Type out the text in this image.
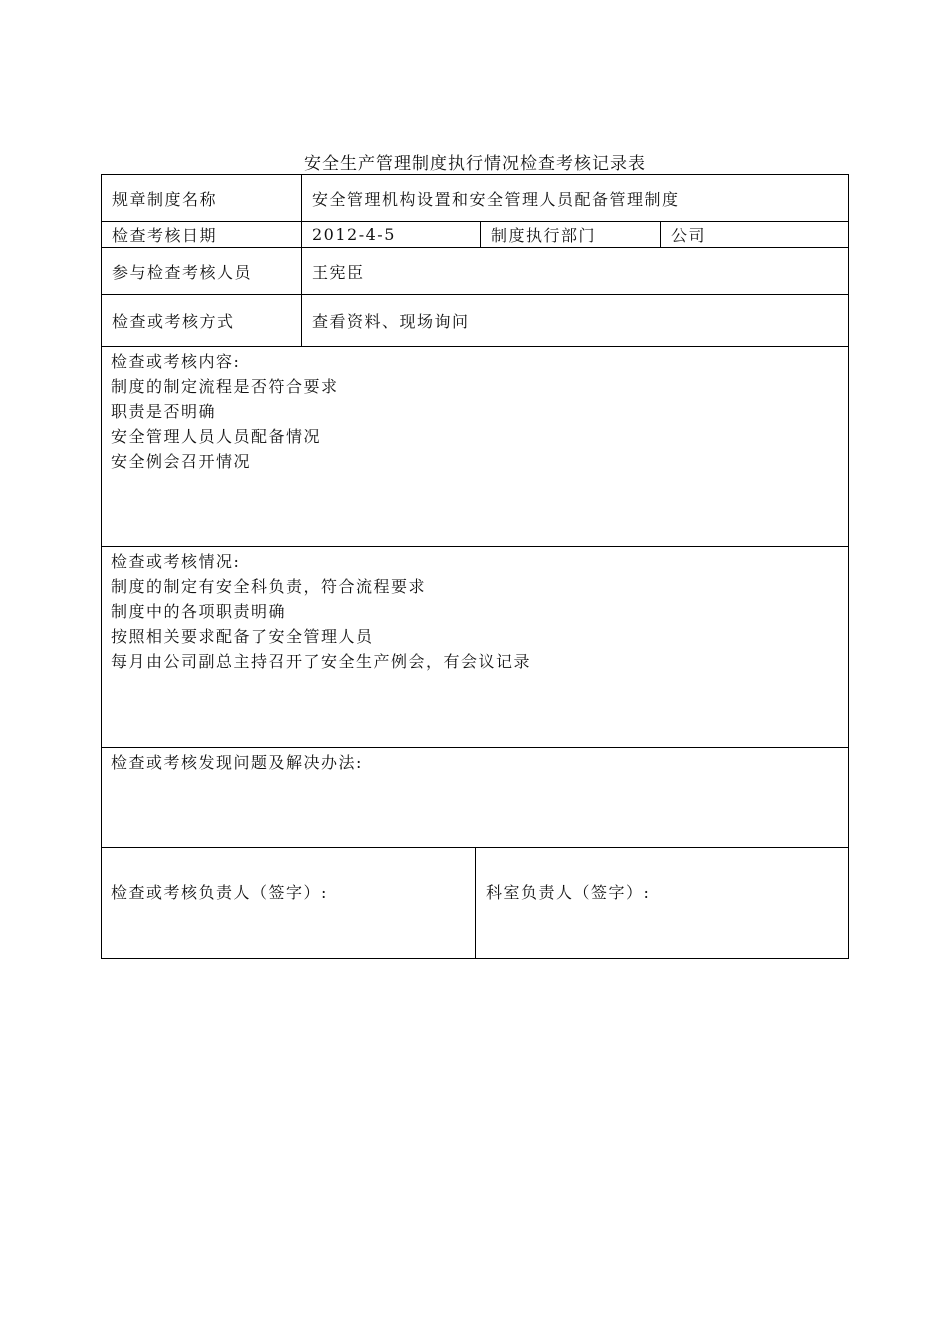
安全生产管理制度执行情况检查考核记录表
规章制度名称	安全管理机构设置和安全管理人员配备管理制度
检查考核日期	2012-4-5	制度执行部门	公司
参与检查考核人员	王宪臣
检查或考核方式	查看资料、现场询问
检查或考核内容:
制度的制定流程是否符合要求
职责是否明确
安全管理人员人员配备情况
安全例会召开情况
检查或考核情况:
制度的制定有安全科负责，符合流程要求
制度中的各项职责明确
按照相关要求配备了安全管理人员
每月由公司副总主持召开了安全生产例会，有会议记录
检查或考核发现问题及解决办法:
检查或考核负责人（签字）:	科室负责人（签字）:
